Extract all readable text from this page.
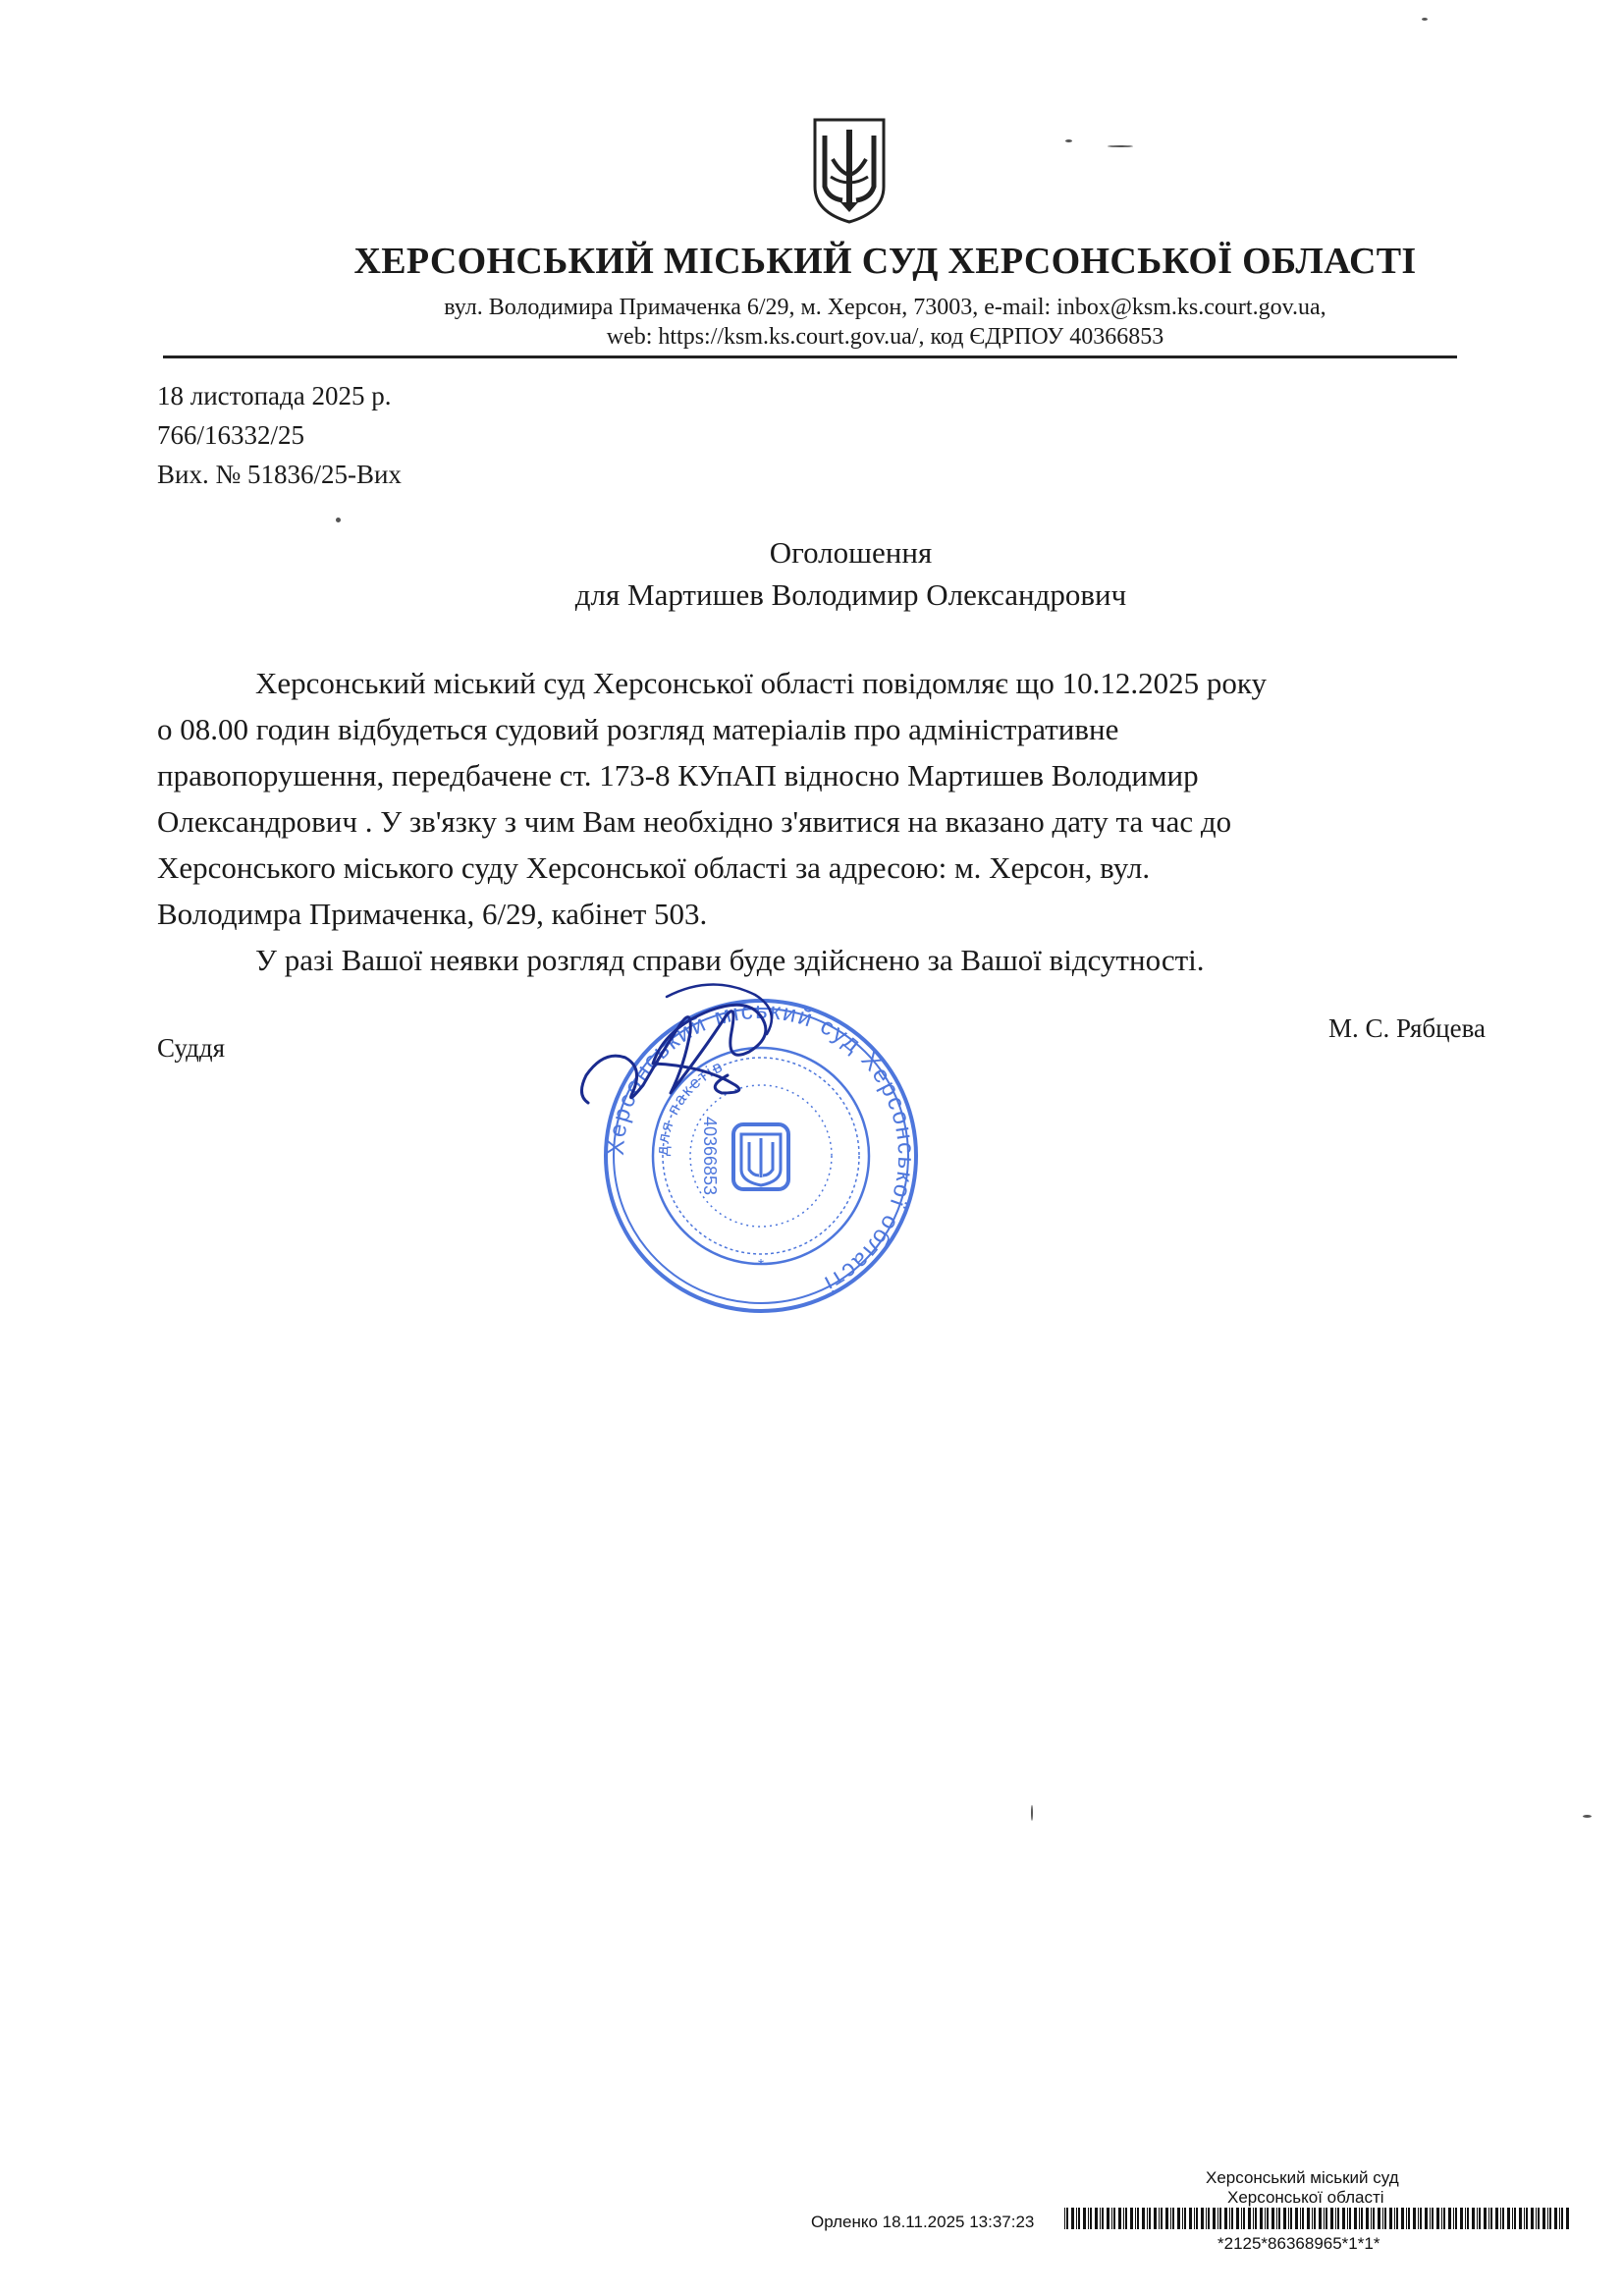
ХЕРСОНСЬКИЙ МІСЬКИЙ СУД ХЕРСОНСЬКОЇ ОБЛАСТІ
вул. Володимира Примаченка 6/29, м. Херсон, 73003, e-mail: inbox@ksm.ks.court.gov.ua,
web: https://ksm.ks.court.gov.ua/, код ЄДРПОУ 40366853
18 листопада 2025 р.
766/16332/25
Вих. № 51836/25-Вих
Оголошення
для Мартишев Володимир Олександрович
Херсонський міський суд Херсонської області повідомляє що 10.12.2025 року
о 08.00 годин відбудеться судовий розгляд матеріалів про адміністративне
правопорушення, передбачене ст. 173-8 КУпАП відносно Мартишев Володимир
Олександрович . У зв'язку з чим Вам необхідно з'явитися на вказано дату та час до
Херсонського міського суду Херсонської області за адресою: м. Херсон, вул.
Володимра Примаченка, 6/29, кабінет 503.
У разі Вашої неявки розгляд справи буде здійснено за Вашої відсутності.
Суддя
М. С. Рябцева
Херсонський міський суд Херсонської області
для пакетів
40366853
*
Херсонський міський суд
Херсонської області
Орленко 18.11.2025 13:37:23
*2125*86368965*1*1*
